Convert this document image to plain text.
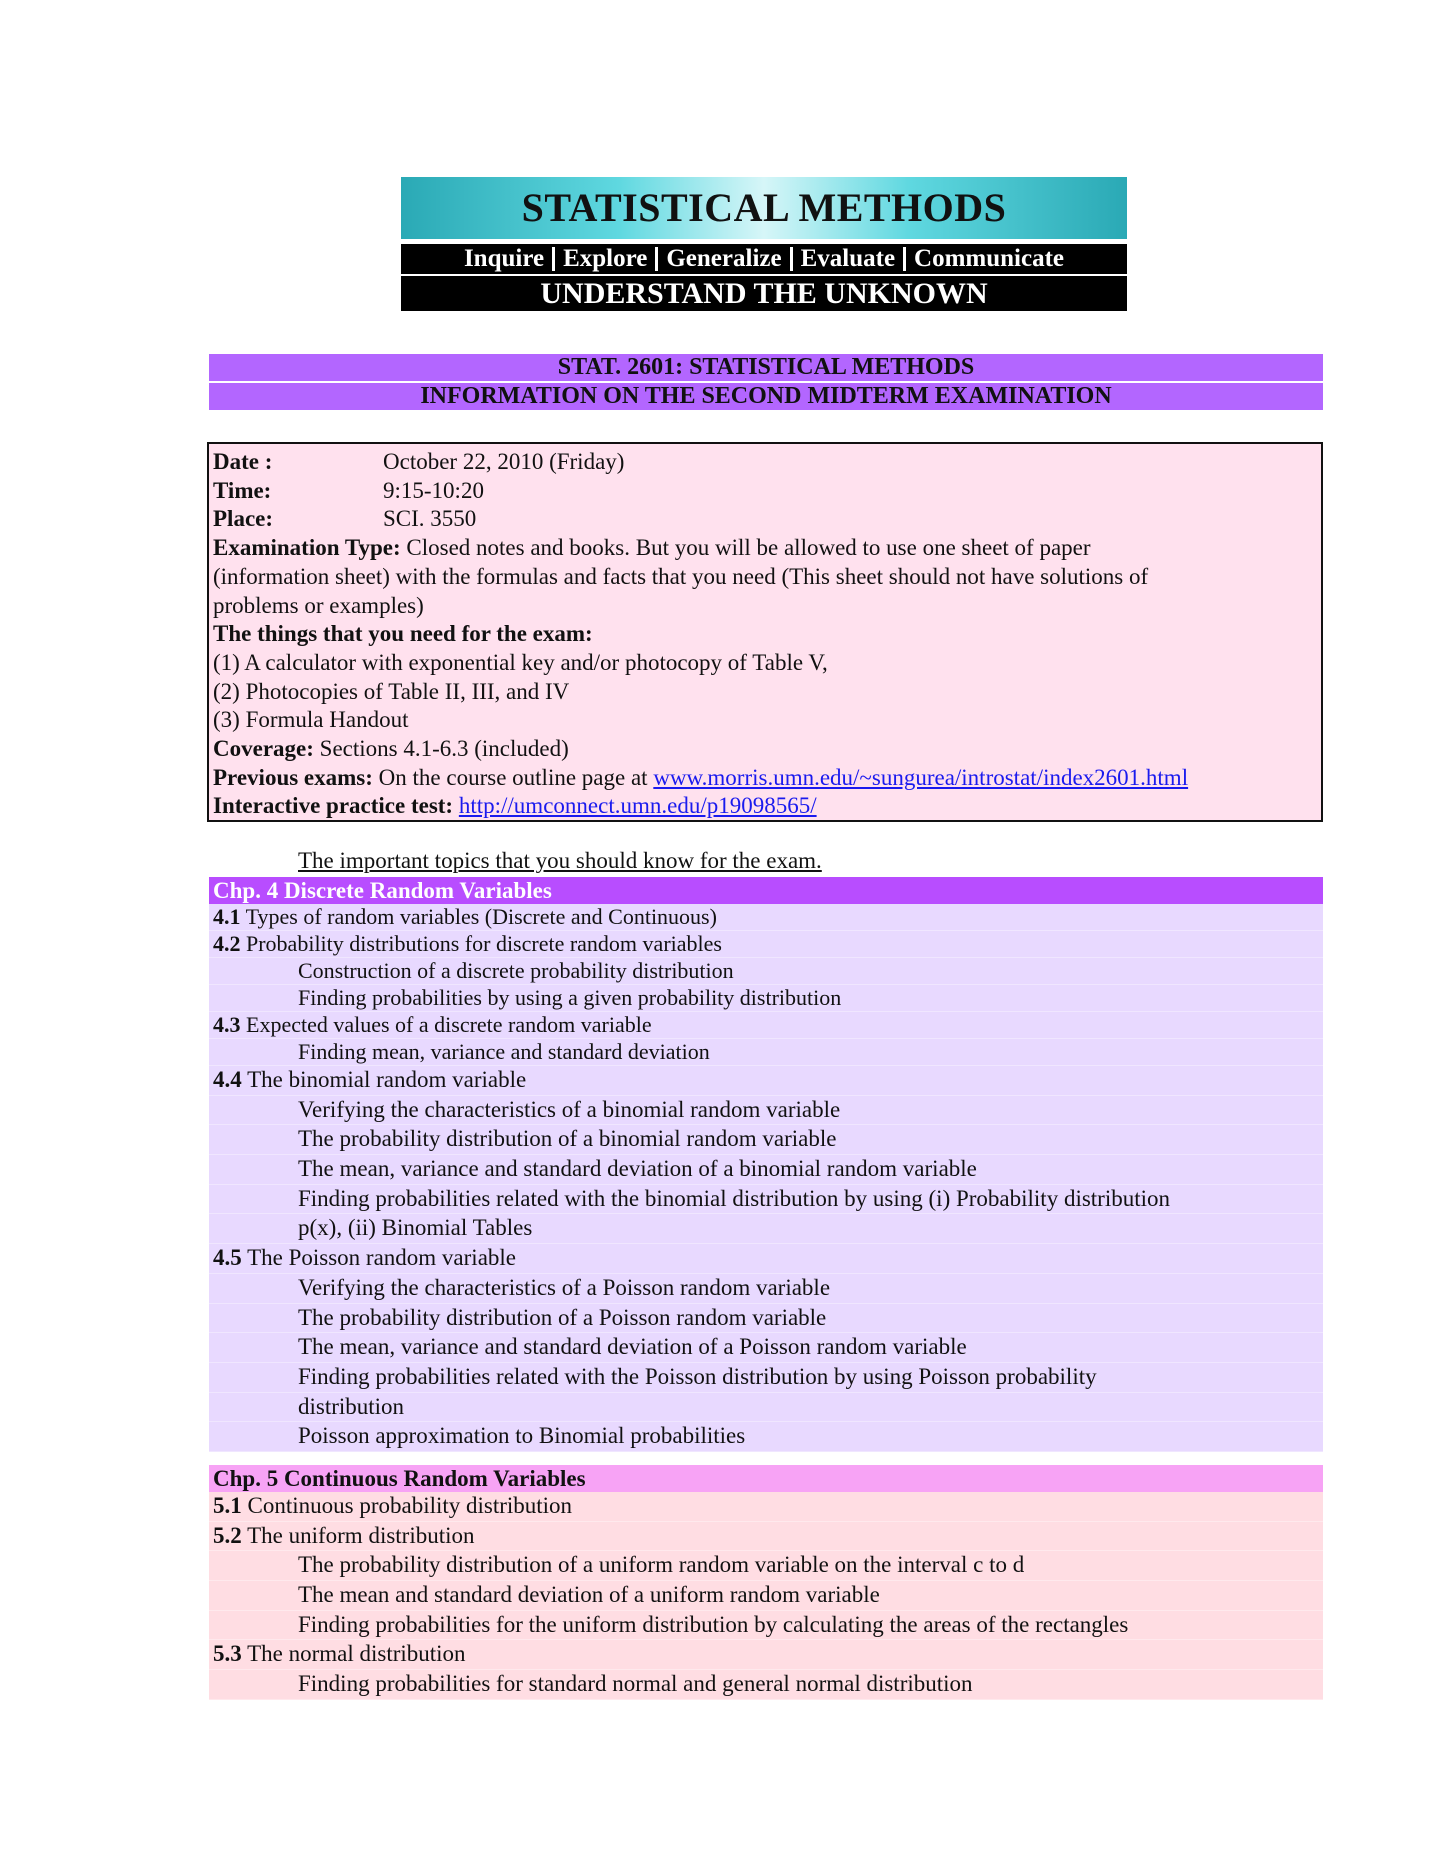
STATISTICAL METHODS
Inquire Explore Generalize Evaluate Communicate
UNDERSTAND THE UNKNOWN
STAT. 2601: STATISTICAL METHODS
INFORMATION ON THE SECOND MIDTERM EXAMINATION
Date :	October 22, 2010 (Friday)
Time:	9:15-10:20
Place:	SCI. 3550
Examination Type: Closed notes and books. But you will be allowed to use one sheet of paper
(information sheet) with the formulas and facts that you need (This sheet should not have solutions of
problems or examples)
The things that you need for the exam:
(1) A calculator with exponential key and/or photocopy of Table V,
(2) Photocopies of Table II, III, and IV
(3) Formula Handout
Coverage: Sections 4.1-6.3 (included)
Previous exams: On the course outline page at www.morris.umn.edu/~sungurea/introstat/index2601.html
Interactive practice test: http://umconnect.umn.edu/p19098565/
The important topics that you should know for the exam.
Chp. 4 Discrete Random Variables
4.1 Types of random variables (Discrete and Continuous)
4.2 Probability distributions for discrete random variables
Construction of a discrete probability distribution
Finding probabilities by using a given probability distribution
4.3 Expected values of a discrete random variable
Finding mean, variance and standard deviation
4.4 The binomial random variable
Verifying the characteristics of a binomial random variable
The probability distribution of a binomial random variable
The mean, variance and standard deviation of a binomial random variable
Finding probabilities related with the binomial distribution by using (i) Probability distribution
p(x), (ii) Binomial Tables
4.5 The Poisson random variable
Verifying the characteristics of a Poisson random variable
The probability distribution of a Poisson random variable
The mean, variance and standard deviation of a Poisson random variable
Finding probabilities related with the Poisson distribution by using Poisson probability
distribution
Poisson approximation to Binomial probabilities
Chp. 5 Continuous Random Variables
5.1 Continuous probability distribution
5.2 The uniform distribution
The probability distribution of a uniform random variable on the interval c to d
The mean and standard deviation of a uniform random variable
Finding probabilities for the uniform distribution by calculating the areas of the rectangles
5.3 The normal distribution
Finding probabilities for standard normal and general normal distribution
